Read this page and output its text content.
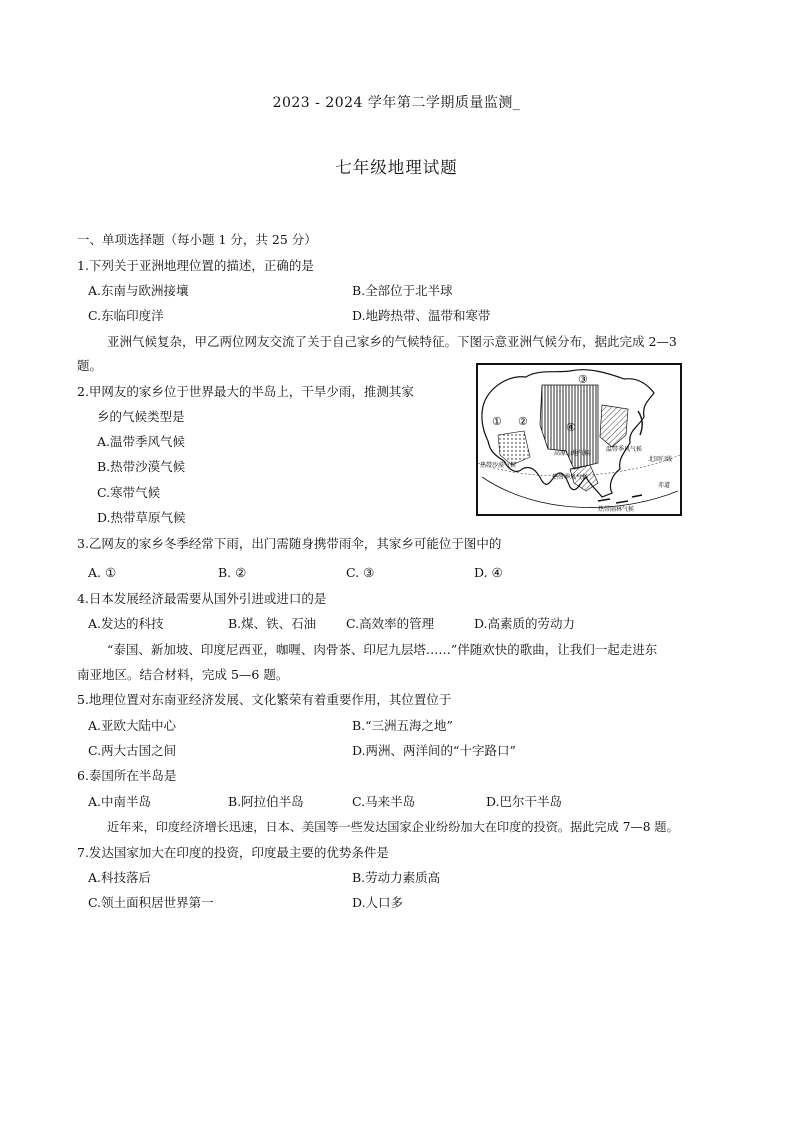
2023 - 2024 学年第二学期质量监测_
七年级地理试题
一、单项选择题（每小题 1 分，共 25 分）
1.下列关于亚洲地理位置的描述，正确的是
A.东南与欧洲接壤	B.全部位于北半球
C.东临印度洋	D.地跨热带、温带和寒带
亚洲气候复杂，甲乙两位网友交流了关于自己家乡的气候特征。下图示意亚洲气候分布，据此完成 2—3
题。
2.甲网友的家乡位于世界最大的半岛上，干旱少雨，推测其家
乡的气候类型是
A.温带季风气候
B.热带沙漠气候
C.寒带气候
D.热带草原气候
① ②
③
④
高原山地气候
温带季风气候
热带沙漠气候
热带季风气候
热带雨林气候
北回归线
赤道
3.乙网友的家乡冬季经常下雨，出门需随身携带雨伞，其家乡可能位于图中的
A. ①	B. ②	C. ③	D. ④
4.日本发展经济最需要从国外引进或进口的是
A.发达的科技	B.煤、铁、石油 C.高效率的管理	D.高素质的劳动力
“泰国、新加坡、印度尼西亚，咖喱、肉骨茶、印尼九层塔……”伴随欢快的歌曲，让我们一起走进东
南亚地区。结合材料，完成 5—6 题。
5.地理位置对东南亚经济发展、文化繁荣有着重要作用，其位置位于
A.亚欧大陆中心	B.“三洲五海之地”
C.两大古国之间	D.两洲、两洋间的“十字路口”
6.泰国所在半岛是
A.中南半岛	B.阿拉伯半岛	C.马来半岛	D.巴尔干半岛
近年来，印度经济增长迅速，日本、美国等一些发达国家企业纷纷加大在印度的投资。据此完成 7—8 题。
7.发达国家加大在印度的投资，印度最主要的优势条件是
A.科技落后	B.劳动力素质高
C.领土面积居世界第一	D.人口多
